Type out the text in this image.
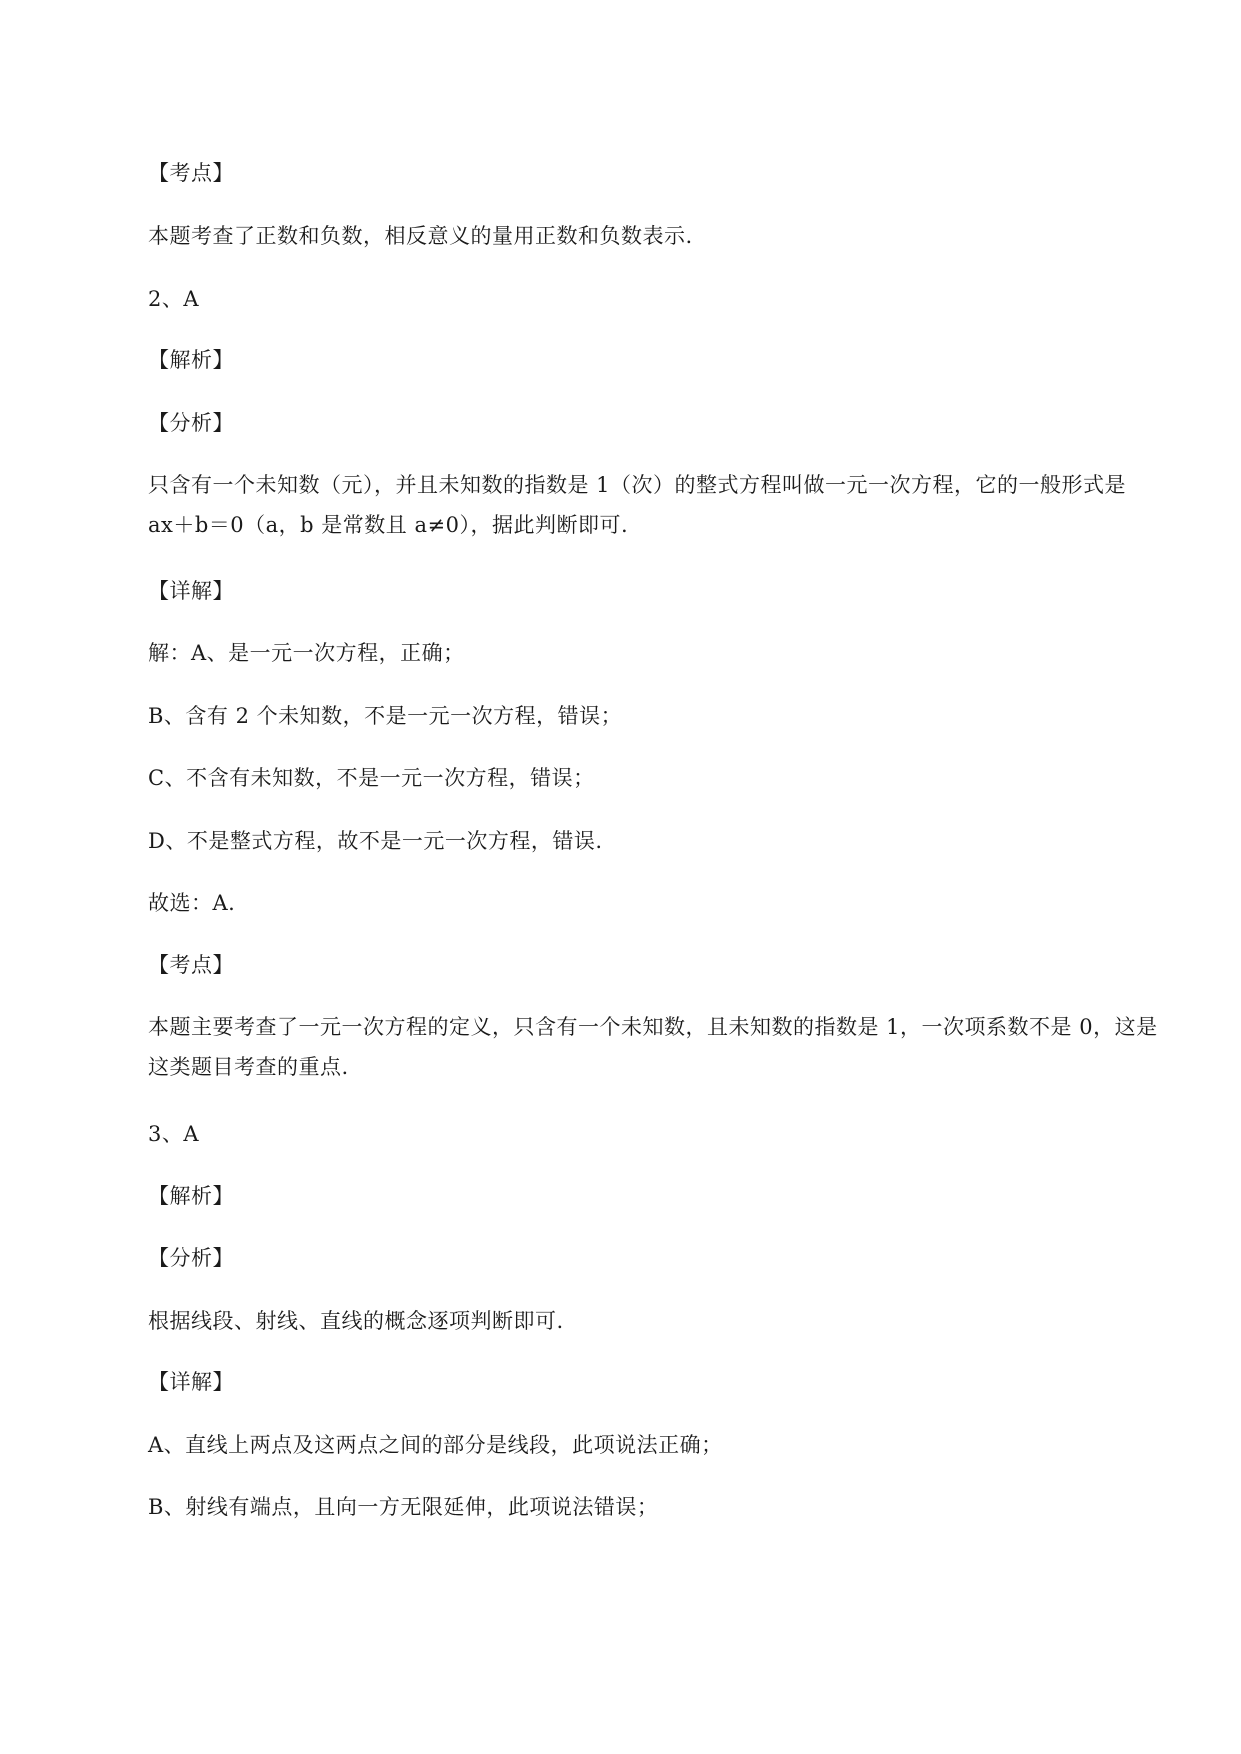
【考点】
本题考查了正数和负数，相反意义的量用正数和负数表示.
2、A
【解析】
【分析】
只含有一个未知数（元），并且未知数的指数是 1（次）的整式方程叫做一元一次方程，它的一般形式是 ax＋b＝0（a，b 是常数且 a≠0），据此判断即可.
【详解】
解：A、是一元一次方程，正确；
B、含有 2 个未知数，不是一元一次方程，错误；
C、不含有未知数，不是一元一次方程，错误；
D、不是整式方程，故不是一元一次方程，错误.
故选：A.
【考点】
本题主要考查了一元一次方程的定义，只含有一个未知数，且未知数的指数是 1，一次项系数不是 0，这是这类题目考查的重点.
3、A
【解析】
【分析】
根据线段、射线、直线的概念逐项判断即可.
【详解】
A、直线上两点及这两点之间的部分是线段，此项说法正确；
B、射线有端点，且向一方无限延伸，此项说法错误；
